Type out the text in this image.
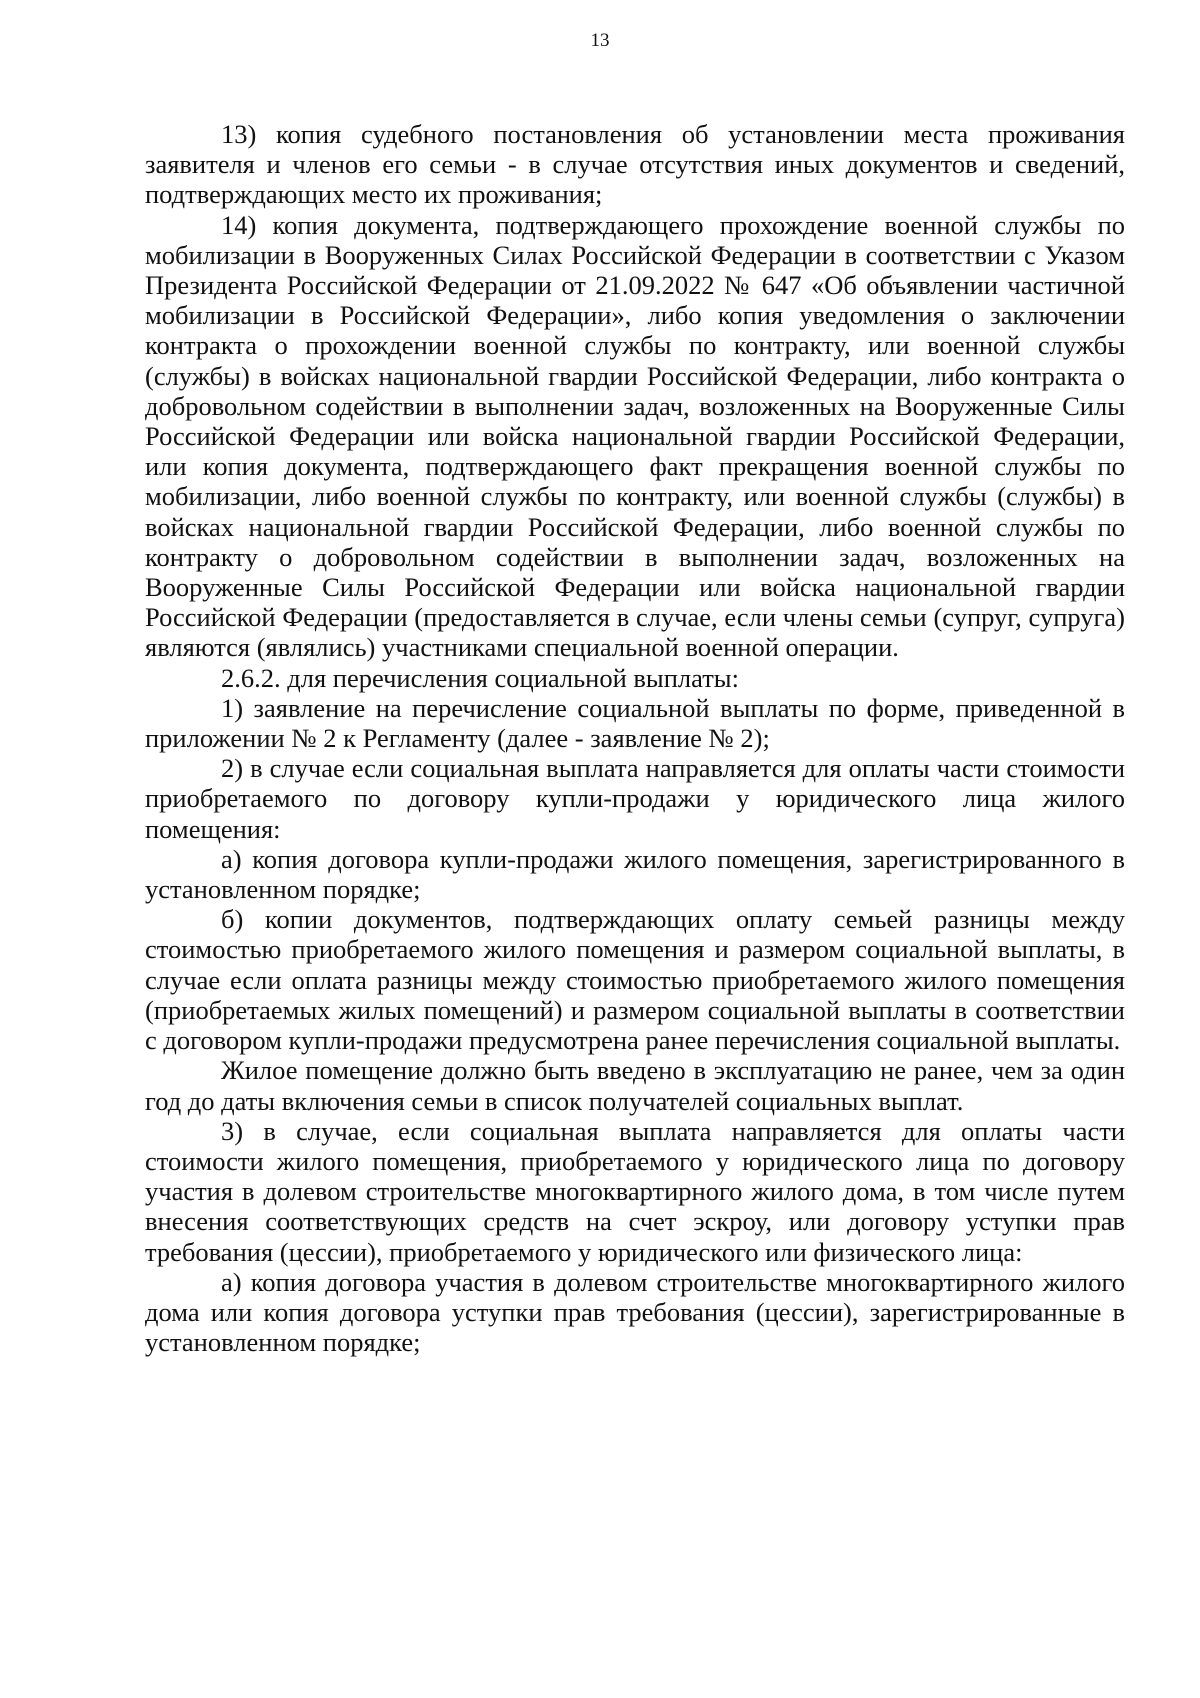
13

13) копия судебного постановления об установлении места проживания заявителя и членов его семьи - в случае отсутствия иных документов и сведений, подтверждающих место их проживания;

14) копия документа, подтверждающего прохождение военной службы по мобилизации в Вооруженных Силах Российской Федерации в соответствии с Указом Президента Российской Федерации от 21.09.2022 № 647 «Об объявлении частичной мобилизации в Российской Федерации», либо копия уведомления о заключении контракта о прохождении военной службы по контракту, или военной службы (службы) в войсках национальной гвардии Российской Федерации, либо контракта о добровольном содействии в выполнении задач, возложенных на Вооруженные Силы Российской Федерации или войска национальной гвардии Российской Федерации, или копия документа, подтверждающего факт прекращения военной службы по мобилизации, либо военной службы по контракту, или военной службы (службы) в войсках национальной гвардии Российской Федерации, либо военной службы по контракту о добровольном содействии в выполнении задач, возложенных на Вооруженные Силы Российской Федерации или войска национальной гвардии Российской Федерации (предоставляется в случае, если члены семьи (супруг, супруга) являются (являлись) участниками специальной военной операции.

2.6.2. для перечисления социальной выплаты:

1) заявление на перечисление социальной выплаты по форме, приведенной в приложении № 2 к Регламенту (далее - заявление № 2);

2) в случае если социальная выплата направляется для оплаты части стоимости приобретаемого по договору купли-продажи у юридического лица жилого помещения:

а) копия договора купли-продажи жилого помещения, зарегистрированного в установленном порядке;

б) копии документов, подтверждающих оплату семьей разницы между стоимостью приобретаемого жилого помещения и размером социальной выплаты, в случае если оплата разницы между стоимостью приобретаемого жилого помещения (приобретаемых жилых помещений) и размером социальной выплаты в соответствии с договором купли-продажи предусмотрена ранее перечисления социальной выплаты.

Жилое помещение должно быть введено в эксплуатацию не ранее, чем за один год до даты включения семьи в список получателей социальных выплат.

3) в случае, если социальная выплата направляется для оплаты части стоимости жилого помещения, приобретаемого у юридического лица по договору участия в долевом строительстве многоквартирного жилого дома, в том числе путем внесения соответствующих средств на счет эскроу, или договору уступки прав требования (цессии), приобретаемого у юридического или физического лица:

а) копия договора участия в долевом строительстве многоквартирного жилого дома или копия договора уступки прав требования (цессии), зарегистрированные в установленном порядке;
